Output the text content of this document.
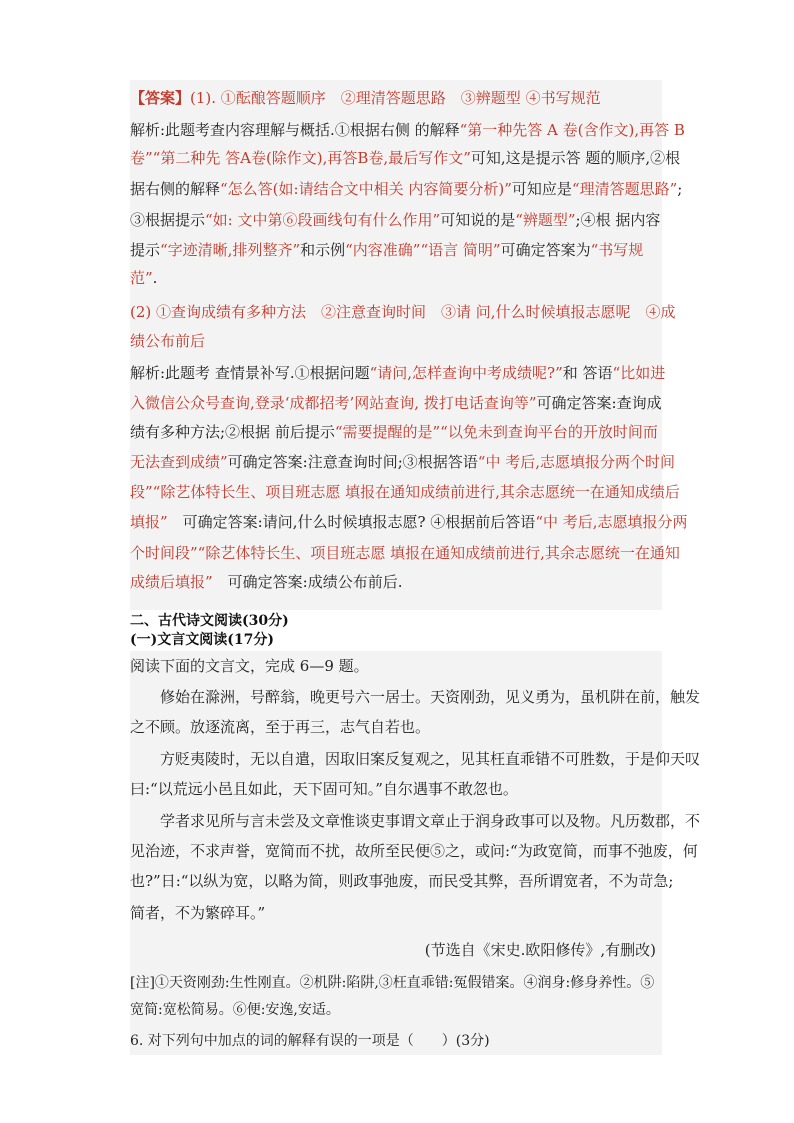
【答案】(1). ①酝酿答题顺序　②理清答题思路　③辨题型 ④书写规范
解析:此题考查内容理解与概括.①根据右侧 的解释“第一种先答 A 卷(含作文),再答 B
卷”“第二种先 答A卷(除作文),再答B卷,最后写作文”可知,这是提示答 题的顺序,②根
据右侧的解释“怎么答(如:请结合文中相关 内容简要分析)”可知应是“理清答题思路”;
③根据提示“如: 文中第⑥段画线句有什么作用”可知说的是“辨题型”;④根 据内容
提示“字迹清晰,排列整齐”和示例“内容准确”“语言 简明”可确定答案为“书写规
范”.
(2) ①查询成绩有多种方法　②注意查询时间　③请 问,什么时候填报志愿呢　④成
绩公布前后
解析:此题考 查情景补写.①根据问题“请问,怎样查询中考成绩呢?”和 答语“比如进
入微信公众号查询,登录‘成都招考’网站查询, 拨打电话查询等”可确定答案:查询成
绩有多种方法;②根据 前后提示“需要提醒的是”“以免未到查询平台的开放时间而
无法查到成绩”可确定答案:注意查询时间;③根据答语“中 考后,志愿填报分两个时间
段”“除艺体特长生、项目班志愿 填报在通知成绩前进行,其余志愿统一在通知成绩后
填报”　可确定答案:请问,什么时候填报志愿? ④根据前后答语“中 考后,志愿填报分两
个时间段”“除艺体特长生、项目班志愿 填报在通知成绩前进行,其余志愿统一在通知
成绩后填报”　可确定答案:成绩公布前后.
二、古代诗文阅读(30分)
(一)文言文阅读(17分)
阅读下面的文言文，完成 6—9 题。
修始在滁洲，号醉翁，晚更号六一居士。天资刚劲，见义勇为，虽机阱在前，触发
之不顾。放逐流离，至于再三，志气自若也。
方贬夷陵时，无以自遣，因取旧案反复观之，见其枉直乖错不可胜数，于是仰天叹
曰:“以荒远小邑且如此，天下固可知。”自尔遇事不敢忽也。
学者求见所与言未尝及文章惟谈吏事谓文章止于润身政事可以及物。凡历数郡，不
见治迹，不求声誉，宽简而不扰，故所至民便⑤之，或问:“为政宽简，而事不弛废，何
也?”日:“以纵为宽，以略为简，则政事弛废，而民受其弊，吾所谓宽者，不为苛急;
简者，不为繁碎耳。”
(节选自《宋史.欧阳修传》,有删改)
[注]①天资刚劲:生性刚直。②机阱:陷阱,③枉直乖错:冤假错案。④润身:修身养性。⑤
宽简:宽松简易。⑥便:安逸,安适。
6. 对下列句中加点的词的解释有误的一项是（　　）(3分)
